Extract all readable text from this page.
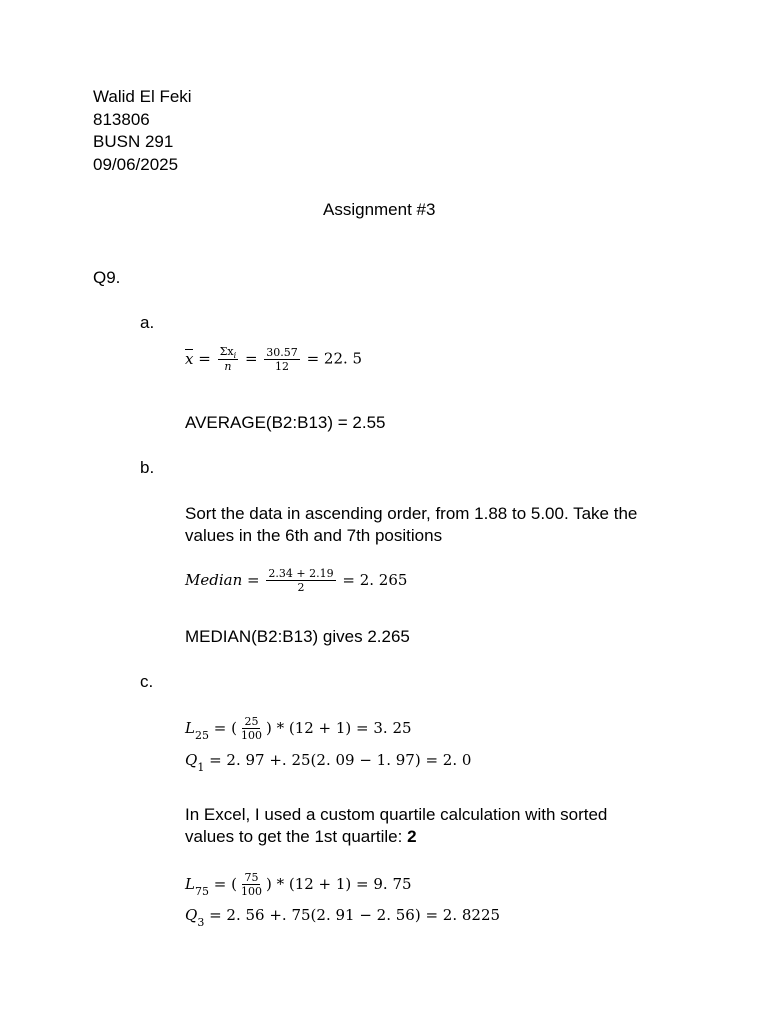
Walid El Feki
813806
BUSN 291
09/06/2025
Assignment #3
Q9.
a.
$x = \frac{\Sigma x_i}{n} = \frac{30.57}{12} = 22$. 5
AVERAGE(B2:B13) = 2.55
b.
Sort the data in ascending order, from 1.88 to 5.00. Take the
values in the 6th and 7th positions
Median = $\frac{2.34 + 2.19}{2} = 2$. 265
MEDIAN(B2:B13) gives 2.265
c.
$L_{25}$ = ( $\frac{25}{100}$ ) * (12 + 1) = 3. 25
$Q_1 = 2$. 97 +. 25(2. 09 − 1. 97) = 2. 0
In Excel, I used a custom quartile calculation with sorted
values to get the 1st quartile: 2
$L_{75}$ = ( $\frac{75}{100}$ ) * (12 + 1) = 9. 75
$Q_3 = 2$. 56 +. 75(2. 91 − 2. 56) = 2. 8225
